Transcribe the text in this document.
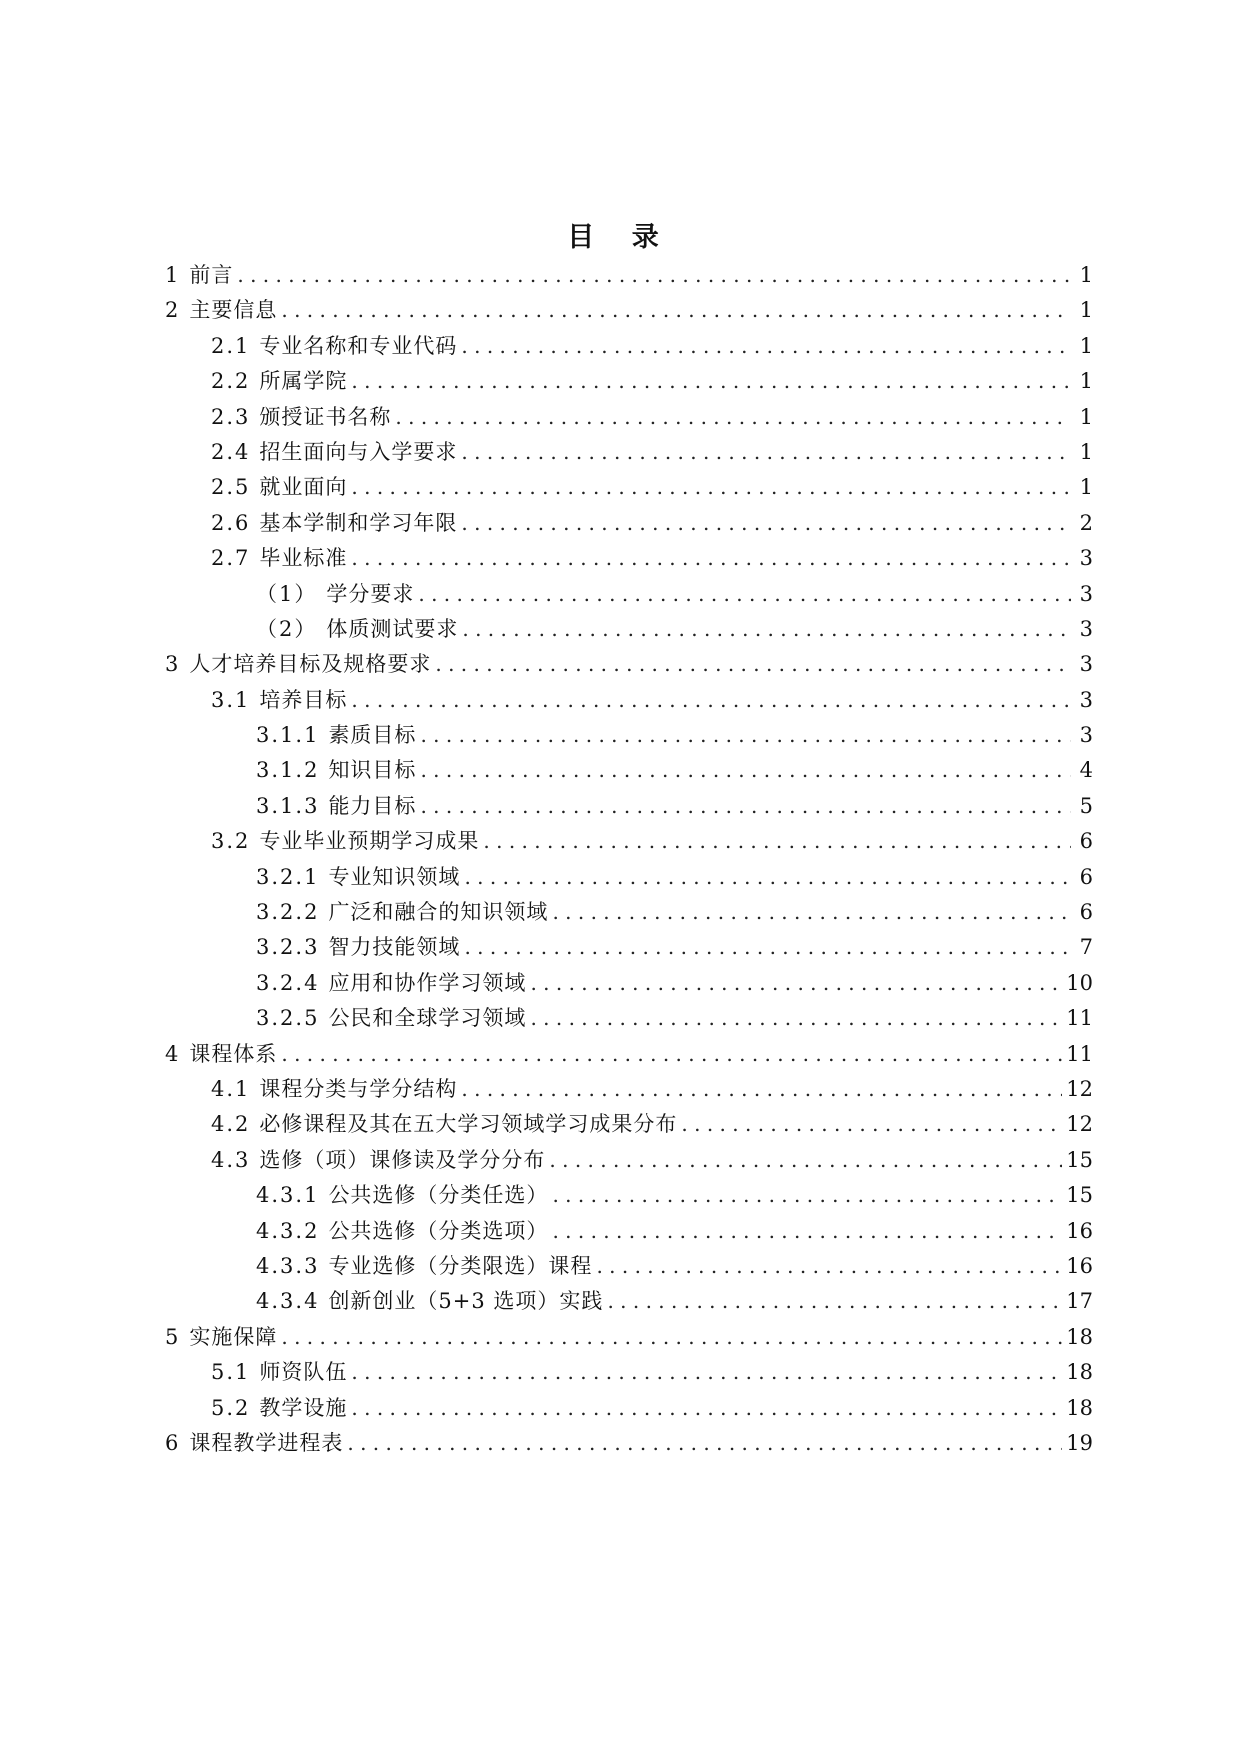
目 录
1 前言 . . .	1
2 主要信息 . . .	1
2.1 专业名称和专业代码 . . .	1
2.2 所属学院 . . .	1
2.3 颁授证书名称 . . .	1
2.4 招生面向与入学要求 . . .	1
2.5 就业面向 . . .	1
2.6 基本学制和学习年限 . . .	2
2.7 毕业标准 . . .	3
（1） 学分要求 . . .	3
（2） 体质测试要求 . . .	3
3 人才培养目标及规格要求 . . .	3
3.1 培养目标 . . .	3
3.1.1 素质目标 . . .	3
3.1.2 知识目标 . . .	4
3.1.3 能力目标 . . .	5
3.2 专业毕业预期学习成果 . . .	6
3.2.1 专业知识领域 . . .	6
3.2.2 广泛和融合的知识领域 . . .	6
3.2.3 智力技能领域 . . .	7
3.2.4 应用和协作学习领域 . . .	10
3.2.5 公民和全球学习领域 . . .	11
4 课程体系 . . .	11
4.1 课程分类与学分结构 . . .	12
4.2 必修课程及其在五大学习领域学习成果分布 . . .	12
4.3 选修（项）课修读及学分分布 . . .	15
4.3.1 公共选修（分类任选） . . .	15
4.3.2 公共选修（分类选项） . . .	16
4.3.3 专业选修（分类限选）课程 . . .	16
4.3.4 创新创业（5+3 选项）实践 . . .	17
5 实施保障 . . .	18
5.1 师资队伍 . . .	18
5.2 教学设施 . . .	18
6 课程教学进程表 . . .	19
